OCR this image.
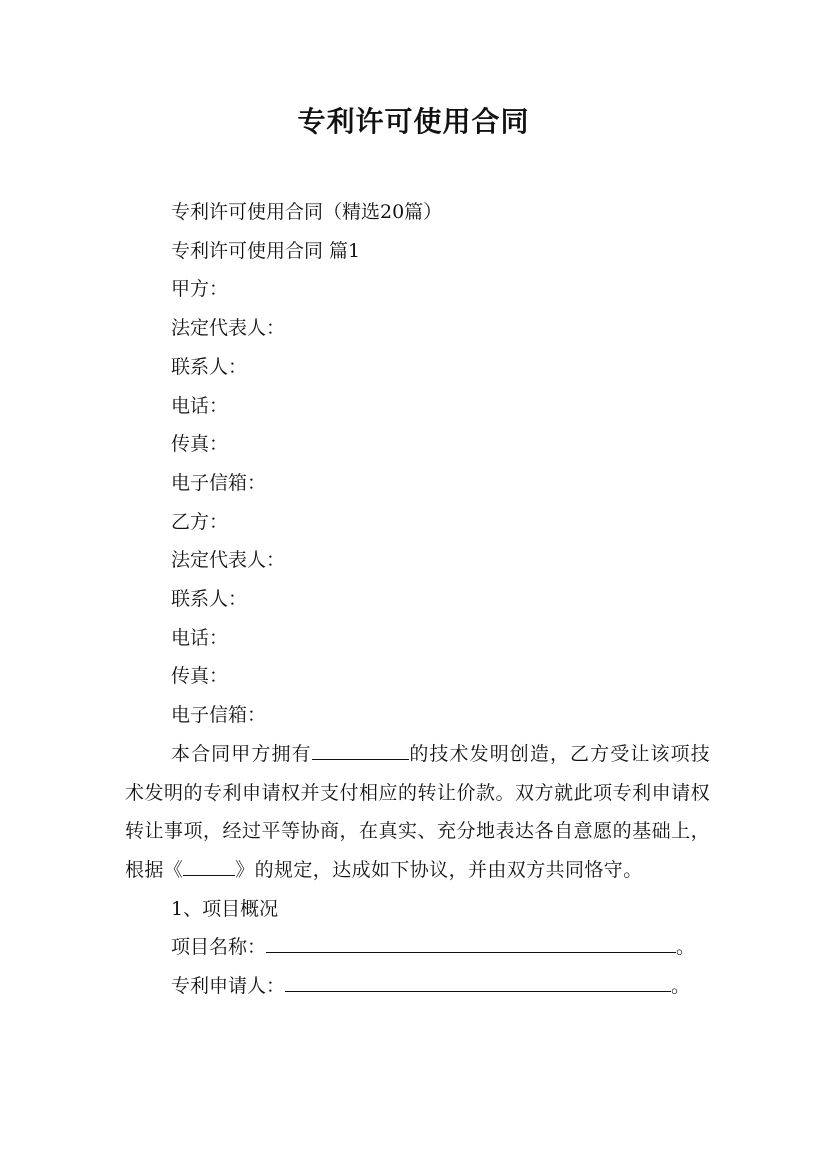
专利许可使用合同
专利许可使用合同（精选20篇）
专利许可使用合同 篇1
甲方：
法定代表人：
联系人：
电话：
传真：
电子信箱：
乙方：
法定代表人：
联系人：
电话：
传真：
电子信箱：
本合同甲方拥有	的技术发明创造，乙方受让该项技术发明的专利申请权并支付相应的转让价款。双方就此项专利申请权转让事项，经过平等协商，在真实、充分地表达各自意愿的基础上，根据《	》的规定，达成如下协议，并由双方共同恪守。
1、项目概况
项目名称：	。
专利申请人：	。
